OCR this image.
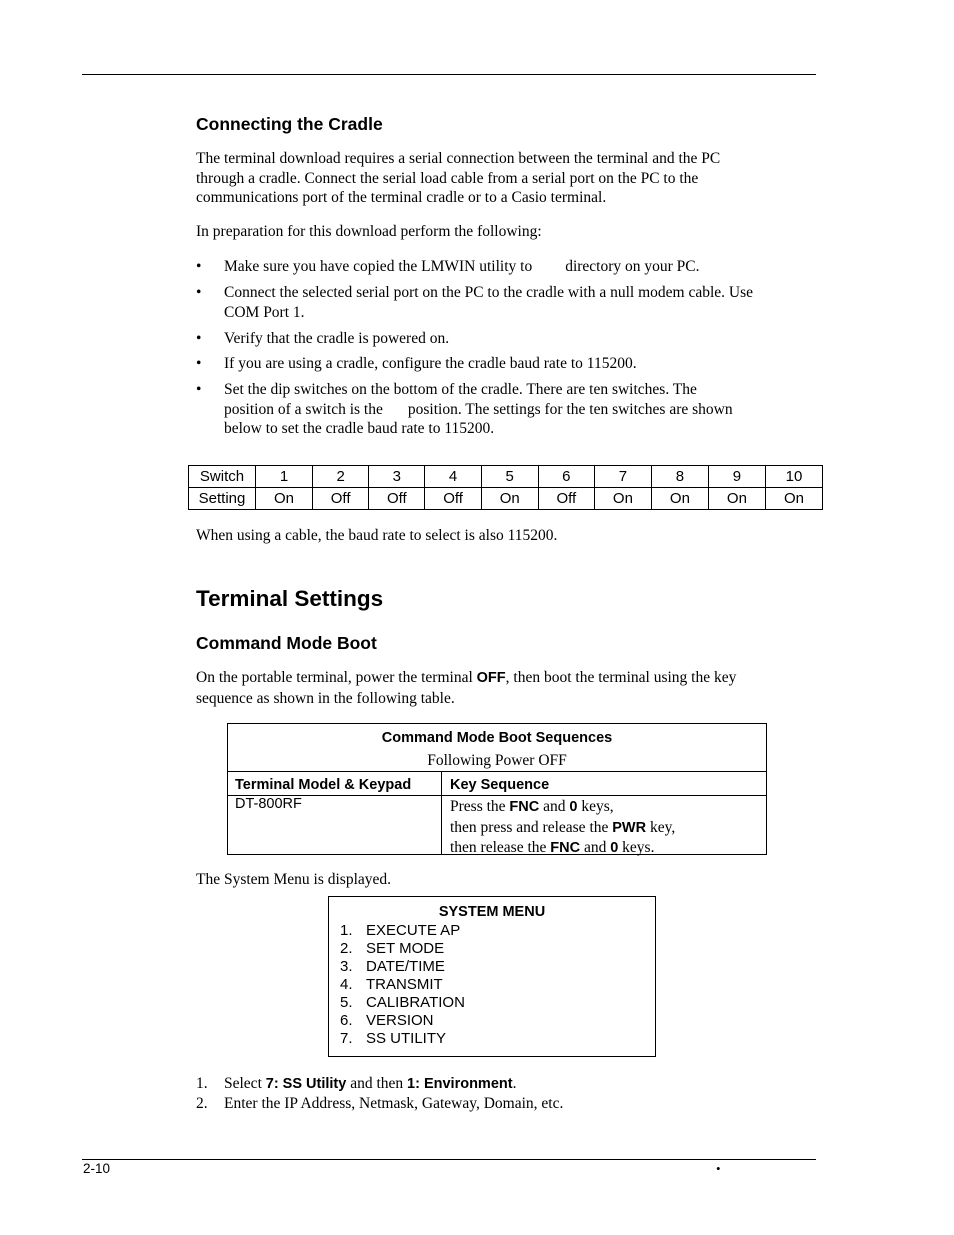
Connecting the Cradle
The terminal download requires a serial connection between the terminal and the PC
through a cradle. Connect the serial load cable from a serial port on the PC to the
communications port of the terminal cradle or to a Casio terminal.
In preparation for this download perform the following:
• Make sure you have copied the LMWIN utility to directory on your PC.
• Connect the selected serial port on the PC to the cradle with a null modem cable. Use
COM Port 1.
• Verify that the cradle is powered on.
• If you are using a cradle, configure the cradle baud rate to 115200.
• Set the dip switches on the bottom of the cradle. There are ten switches. The
position of a switch is the position. The settings for the ten switches are shown
below to set the cradle baud rate to 115200.
Switch	1	2	3	4	5	6	7	8	9	10
Setting	On	Off	Off	Off	On	Off	On	On	On	On
When using a cable, the baud rate to select is also 115200.
Terminal Settings
Command Mode Boot
On the portable terminal, power the terminal OFF, then boot the terminal using the key
sequence as shown in the following table.
Command Mode Boot Sequences
Following Power OFF
Terminal Model & Keypad	Key Sequence
DT-800RF	Press the FNC and 0 keys,
then press and release the PWR key,
then release the FNC and 0 keys.
The System Menu is displayed.
SYSTEM MENU
1. EXECUTE AP
2. SET MODE
3. DATE/TIME
4. TRANSMIT
5. CALIBRATION
6. VERSION
7. SS UTILITY
1. Select 7: SS Utility and then 1: Environment.
2. Enter the IP Address, Netmask, Gateway, Domain, etc.
2-10	•
